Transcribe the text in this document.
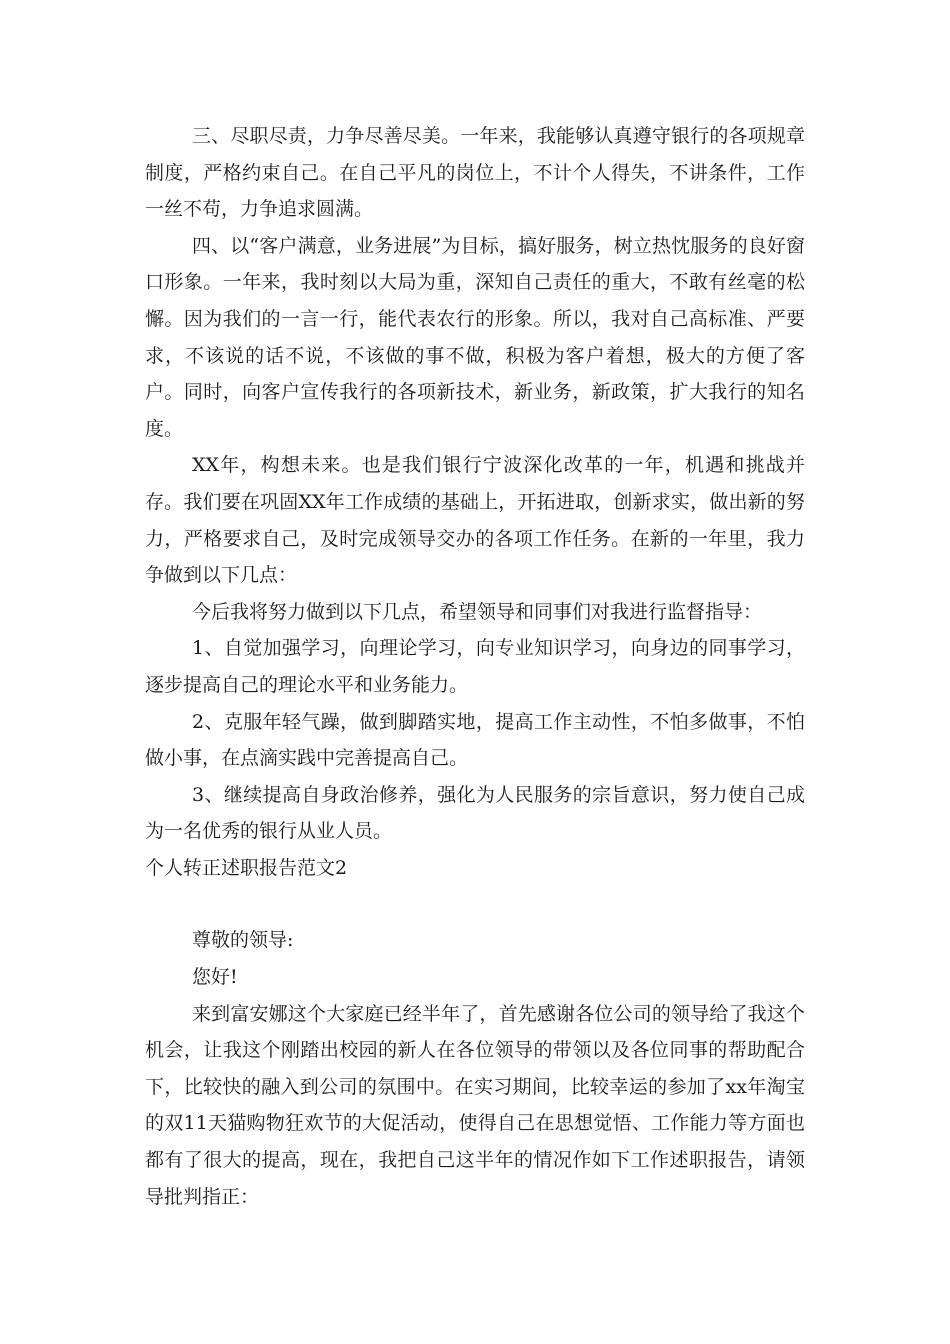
三、尽职尽责，力争尽善尽美。一年来，我能够认真遵守银行的各项规章制度，严格约束自己。在自己平凡的岗位上，不计个人得失，不讲条件，工作一丝不苟，力争追求圆满。

四、以“客户满意，业务进展”为目标，搞好服务，树立热忱服务的良好窗口形象。一年来，我时刻以大局为重，深知自己责任的重大，不敢有丝毫的松懈。因为我们的一言一行，能代表农行的形象。所以，我对自己高标准、严要求，不该说的话不说，不该做的事不做，积极为客户着想，极大的方便了客户。同时，向客户宣传我行的各项新技术，新业务，新政策，扩大我行的知名度。

XX年，构想未来。也是我们银行宁波深化改革的一年，机遇和挑战并存。我们要在巩固XX年工作成绩的基础上，开拓进取，创新求实，做出新的努力，严格要求自己，及时完成领导交办的各项工作任务。在新的一年里，我力争做到以下几点：

今后我将努力做到以下几点，希望领导和同事们对我进行监督指导：

1、自觉加强学习，向理论学习，向专业知识学习，向身边的同事学习，逐步提高自己的理论水平和业务能力。

2、克服年轻气躁，做到脚踏实地，提高工作主动性，不怕多做事，不怕做小事，在点滴实践中完善提高自己。

3、继续提高自身政治修养，强化为人民服务的宗旨意识，努力使自己成为一名优秀的银行从业人员。

个人转正述职报告范文2

尊敬的领导:

您好!

来到富安娜这个大家庭已经半年了，首先感谢各位公司的领导给了我这个机会，让我这个刚踏出校园的新人在各位领导的带领以及各位同事的帮助配合下，比较快的融入到公司的氛围中。在实习期间，比较幸运的参加了xx年淘宝的双11天猫购物狂欢节的大促活动，使得自己在思想觉悟、工作能力等方面也都有了很大的提高，现在，我把自己这半年的情况作如下工作述职报告，请领导批判指正：
